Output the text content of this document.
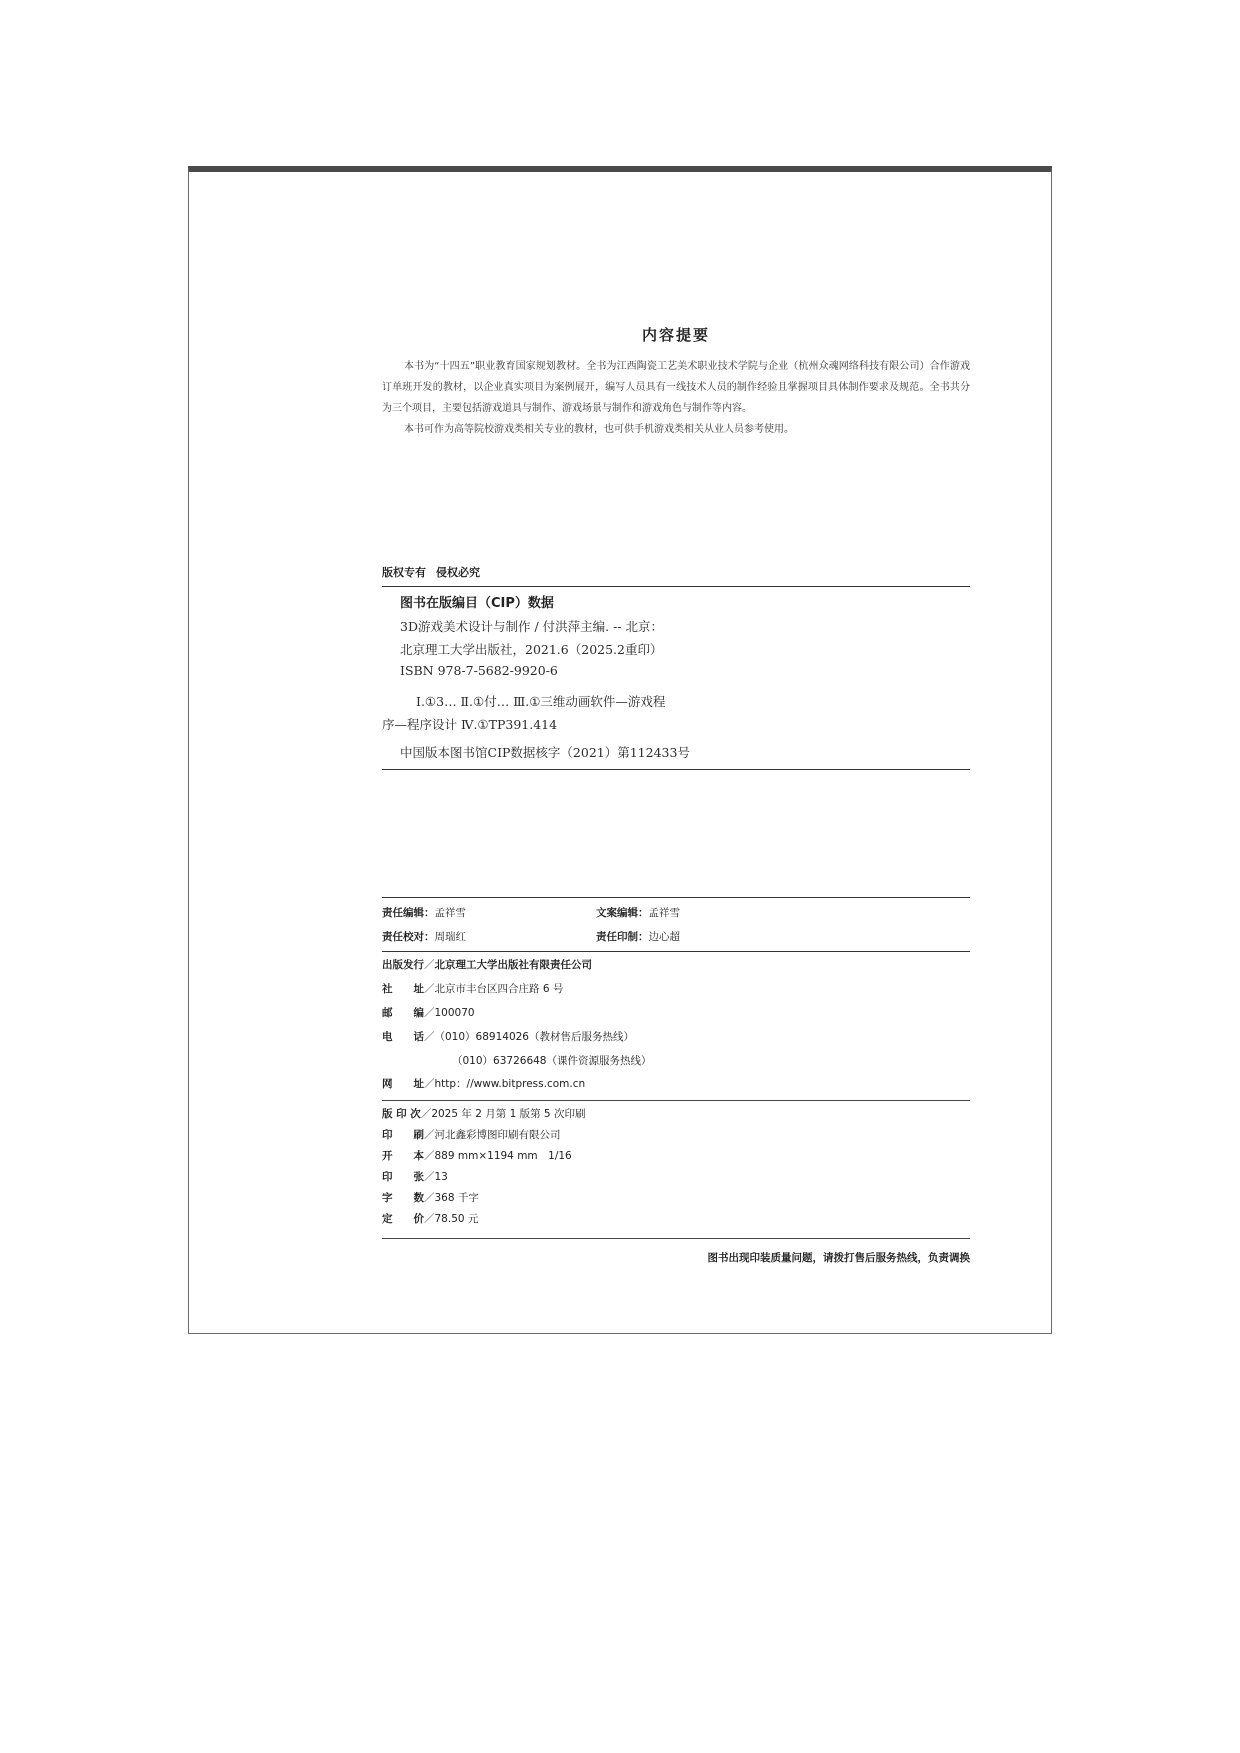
内容提要

本书为“十四五”职业教育国家规划教材。全书为江西陶瓷工艺美术职业技术学院与企业（杭州众魂网络科技有限公司）合作游戏订单班开发的教材，以企业真实项目为案例展开，编写人员具有一线技术人员的制作经验且掌握项目具体制作要求及规范。全书共分为三个项目，主要包括游戏道具与制作、游戏场景与制作和游戏角色与制作等内容。

本书可作为高等院校游戏类相关专业的教材，也可供手机游戏类相关从业人员参考使用。

版权专有 侵权必究
图书在版编目（CIP）数据
3D游戏美术设计与制作 / 付洪萍主编. -- 北京：
北京理工大学出版社，2021.6（2025.2重印）
ISBN 978-7-5682-9920-6
Ⅰ.①3… Ⅱ.①付… Ⅲ.①三维动画软件—游戏程
序—程序设计 Ⅳ.①TP391.414
中国版本图书馆CIP数据核字（2021）第112433号
责任编辑：孟祥雪	文案编辑：孟祥雪
责任校对：周瑞红	责任印制：边心超
出版发行／北京理工大学出版社有限责任公司
社　　址／北京市丰台区四合庄路 6 号
邮　　编／100070
电　　话／（010）68914026（教材售后服务热线）
（010）63726648（课件资源服务热线）
网　　址／http：//www.bitpress.com.cn
版 印 次／2025 年 2 月第 1 版第 5 次印刷
印　　刷／河北鑫彩博图印刷有限公司
开　　本／889 mm×1194 mm　1/16
印　　张／13
字　　数／368 千字
定　　价／78.50 元
图书出现印装质量问题，请拨打售后服务热线，负责调换
